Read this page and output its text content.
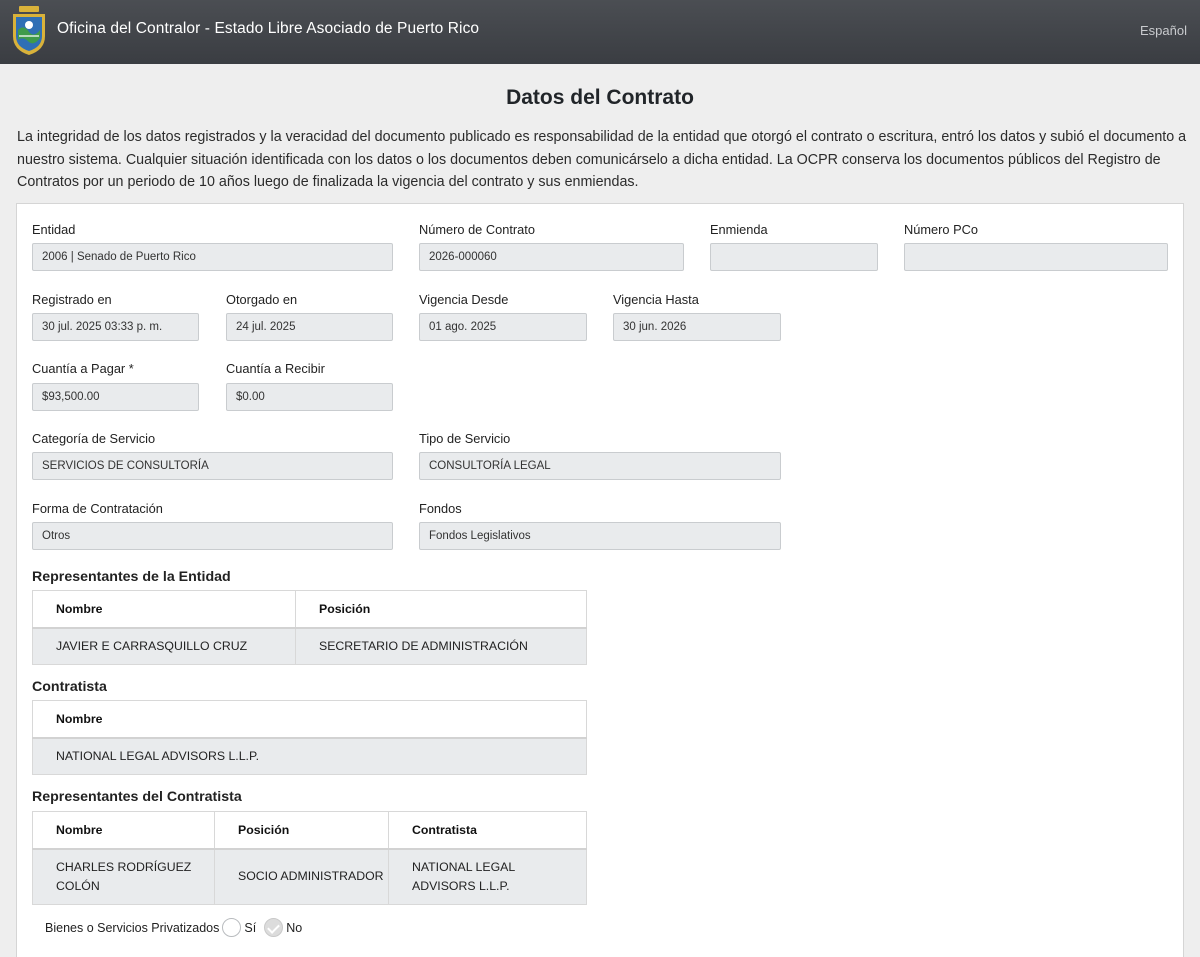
Oficina del Contralor - Estado Libre Asociado de Puerto Rico	Español
Datos del Contrato
La integridad de los datos registrados y la veracidad del documento publicado es responsabilidad de la entidad que otorgó el contrato o escritura, entró los datos y subió el documento a nuestro sistema. Cualquier situación identificada con los datos o los documentos deben comunicárselo a dicha entidad. La OCPR conserva los documentos públicos del Registro de Contratos por un periodo de 10 años luego de finalizada la vigencia del contrato y sus enmiendas.
Entidad
2006 | Senado de Puerto Rico
Número de Contrato
2026-000060
Enmienda	Número PCo
Registrado en
30 jul. 2025 03:33 p. m.
Otorgado en
24 jul. 2025
Vigencia Desde
01 ago. 2025
Vigencia Hasta
30 jun. 2026
Cuantía a Pagar *
$93,500.00
Cuantía a Recibir
$0.00
Categoría de Servicio
SERVICIOS DE CONSULTORÍA
Tipo de Servicio
CONSULTORÍA LEGAL
Forma de Contratación
Otros
Fondos
Fondos Legislativos
Representantes de la Entidad
Nombre	Posición
JAVIER E CARRASQUILLO CRUZ	SECRETARIO DE ADMINISTRACIÓN
Contratista
Nombre
NATIONAL LEGAL ADVISORS L.L.P.
Representantes del Contratista
Nombre	Posición	Contratista
CHARLES RODRÍGUEZ COLÓN	SOCIO ADMINISTRADOR	NATIONAL LEGAL ADVISORS L.L.P.
Bienes o Servicios Privatizados Sí No
